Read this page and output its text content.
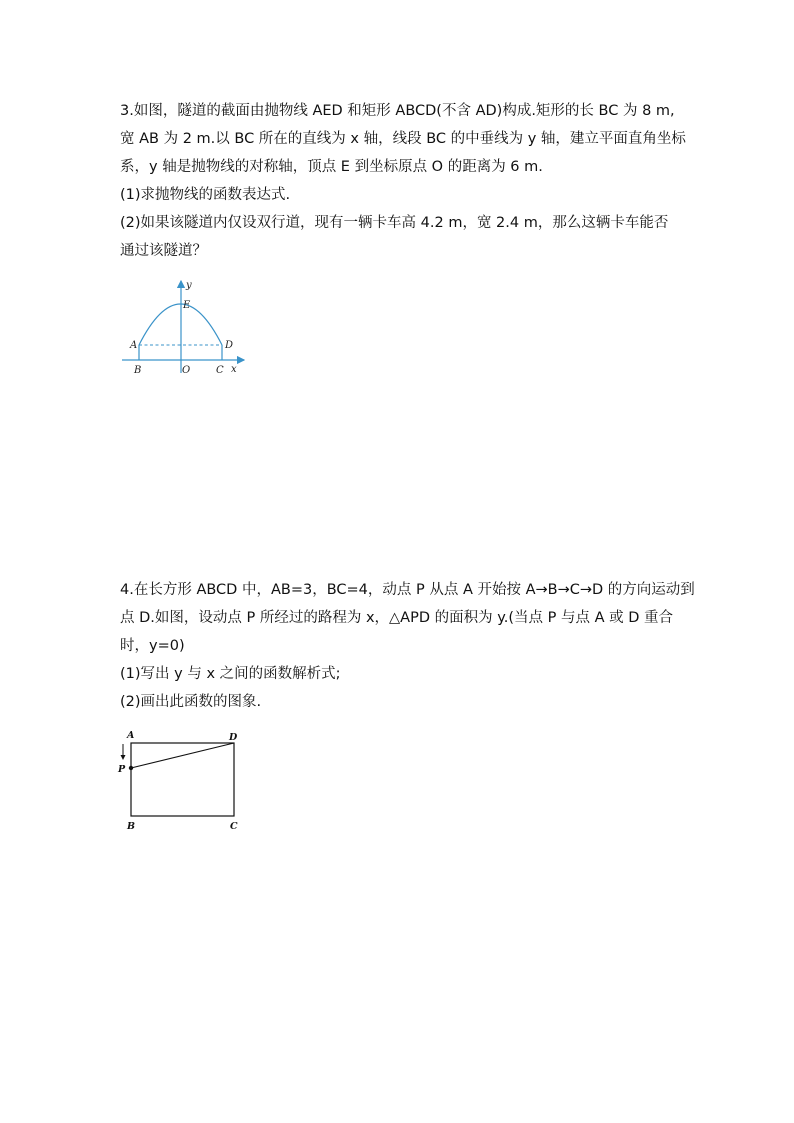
3.如图，隧道的截面由抛物线 AED 和矩形 ABCD(不含 AD)构成.矩形的长 BC 为 8 m,
宽 AB 为 2 m.以 BC 所在的直线为 x 轴，线段 BC 的中垂线为 y 轴，建立平面直角坐标
系，y 轴是抛物线的对称轴，顶点 E 到坐标原点 O 的距离为 6 m.
(1)求抛物线的函数表达式.
(2)如果该隧道内仅设双行道，现有一辆卡车高 4.2 m，宽 2.4 m，那么这辆卡车能否
通过该隧道？
y
E
A	D
B	O	C x
4.在长方形 ABCD 中，AB=3，BC=4，动点 P 从点 A 开始按 A→B→C→D 的方向运动到
点 D.如图，设动点 P 所经过的路程为 x，△APD 的面积为 y.(当点 P 与点 A 或 D 重合
时，y=0)
(1)写出 y 与 x 之间的函数解析式;
(2)画出此函数的图象.
A	D
P
B	C
